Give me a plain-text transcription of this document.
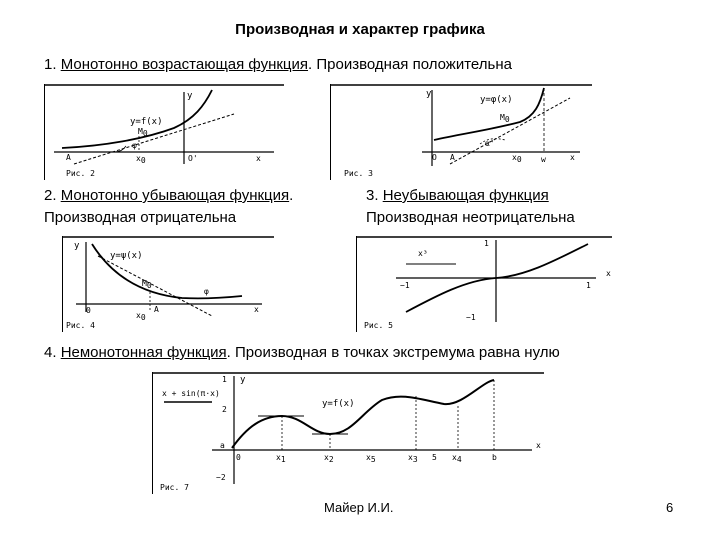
Производная и характер графика
1. Монотонно возрастающая функция. Производная положительна
y
y=f(x)
M0
φ
A	x0	O'	x
Рис. 2
y
y=φ(x)
M0
O A
α'
x0 w	x
Рис. 3
2. Монотонно убывающая функция.
Производная отрицательна
3. Неубывающая функция
Производная неотрицательна
y
y=ψ(x)
M0
φ
0
x0
A	x
Рис. 4
x³
1
−1	1
x
−1
Рис. 5
4. Немонотонная функция. Производная в точках экстремума равна нулю
y
1
x + sin(π·x)
y=f(x)
2
a
0	x1	x2	x5	x3 5 x4	b
x
−2
Рис. 7
Майер И.И.	6
